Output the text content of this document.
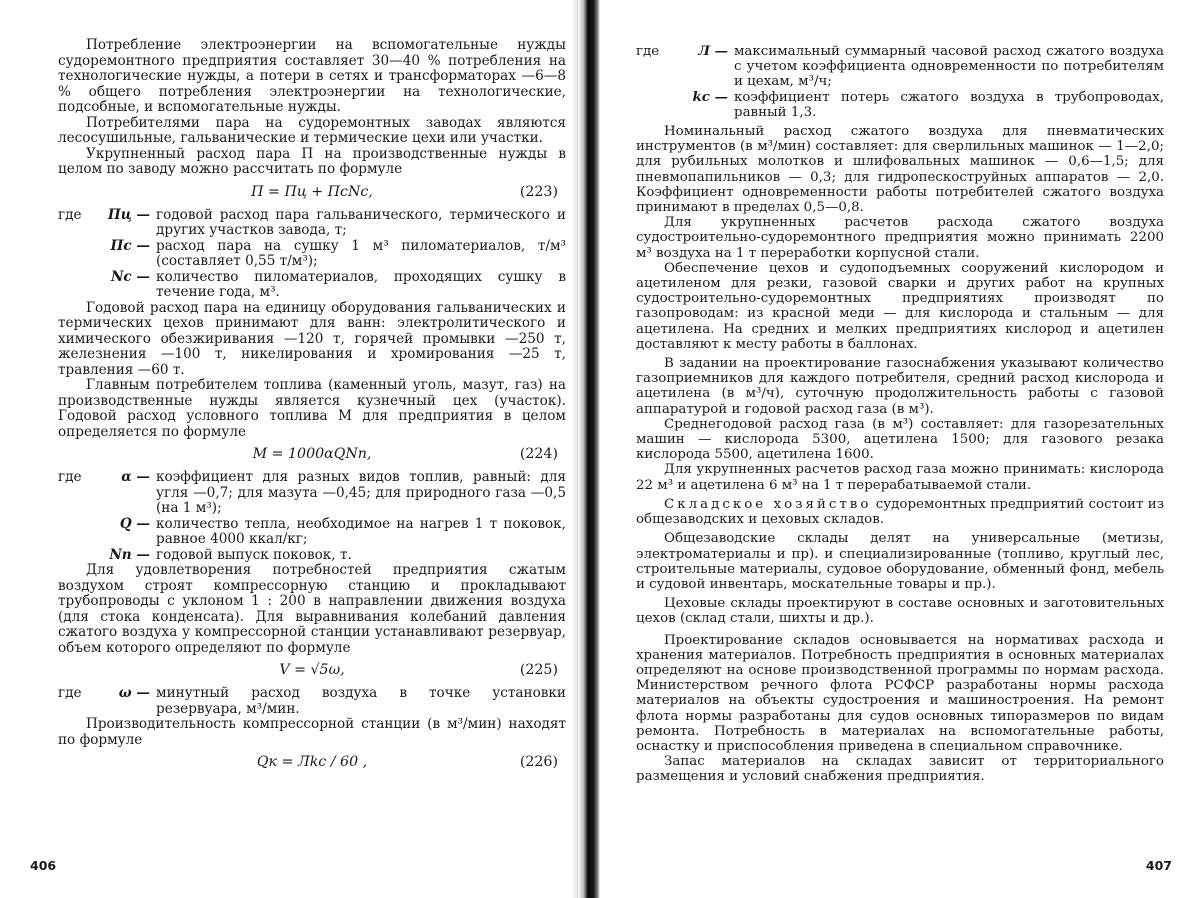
Потребление электроэнергии на вспомогательные нужды судоремонтного предприятия составляет 30—40 % потребления на технологические нужды, а потери в сетях и трансформаторах —6—8 % общего потребления электроэнергии на технологические, подсобные, и вспомогательные нужды.

Потребителями пара на судоремонтных заводах являются лесосушильные, гальванические и термические цехи или участки.

Укрупненный расход пара П на производственные нужды в целом по заводу можно рассчитать по формуле

П = Пц + ПсNс,	(223)
где	Пц — годовой расход пара гальванического, термического и других участков завода, т;
Пс — расход пара на сушку 1 м³ пиломатериалов, т/м³ (составляет 0,55 т/м³);
Nс — количество пиломатериалов, проходящих сушку в течение года, м³.

Годовой расход пара на единицу оборудования гальванических и термических цехов принимают для ванн: электролитического и химического обезжиривания —120 т, горячей промывки —250 т, железнения —100 т, никелирования и хромирования —25 т, травления —60 т.

Главным потребителем топлива (каменный уголь, мазут, газ) на производственные нужды является кузнечный цех (участок). Годовой расход условного топлива М для предприятия в целом определяется по формуле

M = 1000αQNп,	(224)
где	α — коэффициент для разных видов топлив, равный: для угля —0,7; для мазута —0,45; для природного газа —0,5 (на 1 м³);
Q — количество тепла, необходимое на нагрев 1 т поковок, равное 4000 ккал/кг;
Nп — годовой выпуск поковок, т.

Для удовлетворения потребностей предприятия сжатым воздухом строят компрессорную станцию и прокладывают трубопроводы с уклоном 1 : 200 в направлении движения воздуха (для стока конденсата). Для выравнивания колебаний давления сжатого воздуха у компрессорной станции устанавливают резервуар, объем которого определяют по формуле

V = √5ω,	(225)
где	ω — минутный расход воздуха в точке установки резервуара, м³/мин.

Производительность компрессорной станции (в м³/мин) находят по формуле

Qк = Лkс / 60 ,	(226)
406
где	Л — максимальный суммарный часовой расход сжатого воздуха с учетом коэффициента одновременности по потребителям и цехам, м³/ч;
kс — коэффициент потерь сжатого воздуха в трубопроводах, равный 1,3.

Номинальный расход сжатого воздуха для пневматических инструментов (в м³/мин) составляет: для сверлильных машинок — 1—2,0; для рубильных молотков и шлифовальных машинок — 0,6—1,5; для пневмопапильников — 0,3; для гидропескоструйных аппаратов — 2,0. Коэффициент одновременности работы потребителей сжатого воздуха принимают в пределах 0,5—0,8.

Для укрупненных расчетов расхода сжатого воздуха судостроительно-судоремонтного предприятия можно принимать 2200 м³ воздуха на 1 т переработки корпусной стали.

Обеспечение цехов и судоподъемных сооружений кислородом и ацетиленом для резки, газовой сварки и других работ на крупных судостроительно-судоремонтных предприятиях производят по газопроводам: из красной меди — для кислорода и стальным — для ацетилена. На средних и мелких предприятиях кислород и ацетилен доставляют к месту работы в баллонах.

В задании на проектирование газоснабжения указывают количество газоприемников для каждого потребителя, средний расход кислорода и ацетилена (в м³/ч), суточную продолжительность работы с газовой аппаратурой и годовой расход газа (в м³).

Среднегодовой расход газа (в м³) составляет: для газорезательных машин — кислорода 5300, ацетилена 1500; для газового резака кислорода 5500, ацетилена 1600.

Для укрупненных расчетов расход газа можно принимать: кислорода 22 м³ и ацетилена 6 м³ на 1 т перерабатываемой стали.

Складское хозяйство судоремонтных предприятий состоит из общезаводских и цеховых складов.

Общезаводские склады делят на универсальные (метизы, электроматериалы и пр). и специализированные (топливо, круглый лес, строительные материалы, судовое оборудование, обменный фонд, мебель и судовой инвентарь, москательные товары и пр.).

Цеховые склады проектируют в составе основных и заготовительных цехов (склад стали, шихты и др.).

Проектирование складов основывается на нормативах расхода и хранения материалов. Потребность предприятия в основных материалах определяют на основе производственной программы по нормам расхода. Министерством речного флота РСФСР разработаны нормы расхода материалов на объекты судостроения и машиностроения. На ремонт флота нормы разработаны для судов основных типоразмеров по видам ремонта. Потребность в материалах на вспомогательные работы, оснастку и приспособления приведена в специальном справочнике.

Запас материалов на складах зависит от территориального размещения и условий снабжения предприятия.

407
